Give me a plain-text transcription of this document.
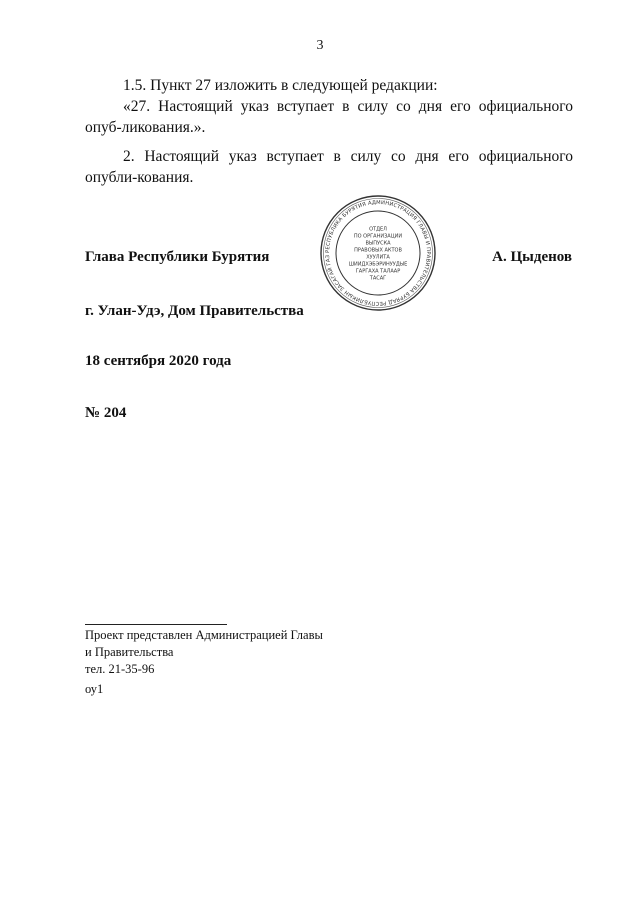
3
1.5. Пункт 27 изложить в следующей редакции:
«27. Настоящий указ вступает в силу со дня его официального опуб-ликования.».
2. Настоящий указ вступает в силу со дня его официального опубли-кования.
Глава Республики Бурятия	А. Цыденов
РЕСПУБЛИКА БУРЯТИЯ АДМИНИСТРАЦИЯ ГЛАВЫ И ПРАВИТЕЛЬСТВА БУРЯАД РЕСПУБЛИКЫН ЗАСАГАЙ ГАЗ
ОТДЕЛ
ПО ОРГАНИЗАЦИИ
ВЫПУСКА
ПРАВОВЫХ АКТОВ
ХУУЛИТА
ШИИДХЭБЭРИНУУДЫЕ
ГАРГАХА ТАЛААР
ТАСАГ
г. Улан-Удэ, Дом Правительства
18 сентября 2020 года
№ 204
Проект представлен Администрацией Главы
и Правительства
тел. 21-35-96
оу1
